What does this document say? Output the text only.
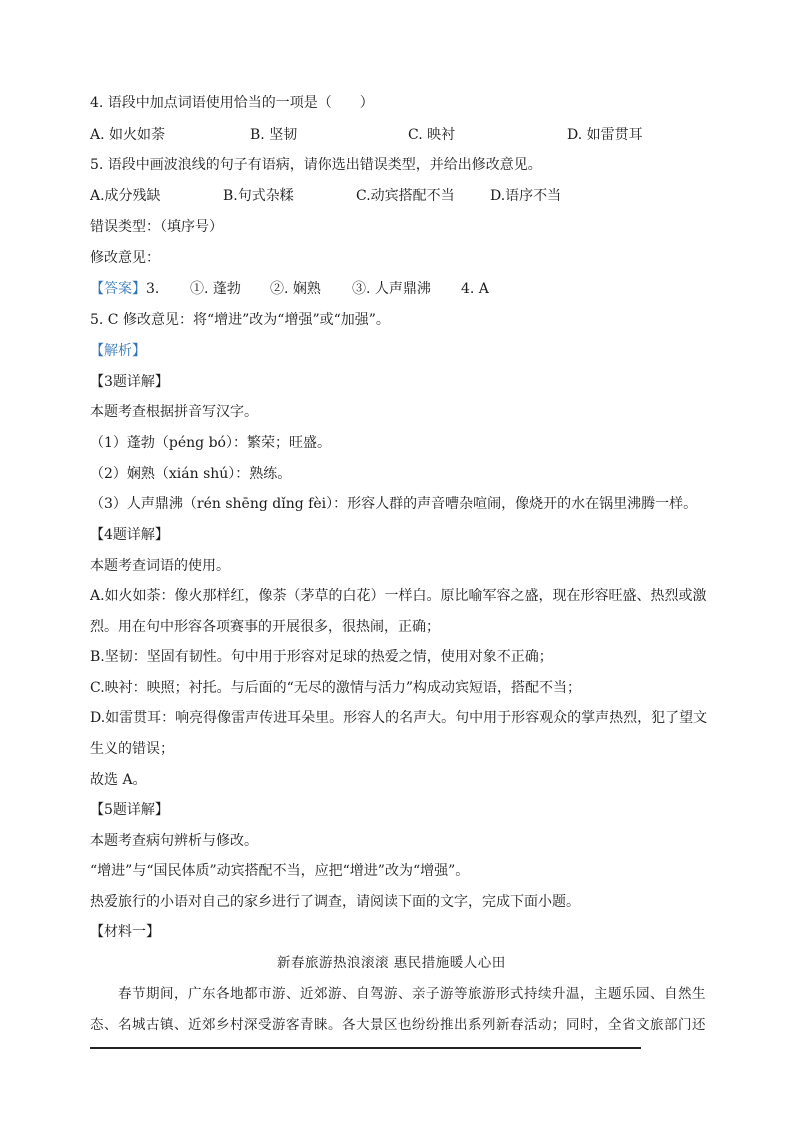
4. 语段中加点词语使用恰当的一项是（　　）
A. 如火如荼	B. 坚韧	C. 映衬	D. 如雷贯耳
5. 语段中画波浪线的句子有语病，请你选出错误类型，并给出修改意见。
A.成分残缺	B.句式杂糅	C.动宾搭配不当	D.语序不当
错误类型：（填序号）
修改意见：
【答案】3. ①. 蓬勃 ②. 娴熟 ③. 人声鼎沸 4. A
5. C 修改意见：将“增进”改为“增强”或“加强”。
【解析】
【3题详解】
本题考查根据拼音写汉字。
（1）蓬勃（péng bó）：繁荣；旺盛。
（2）娴熟（xián shú）：熟练。
（3）人声鼎沸（rén shēng dǐng fèi）：形容人群的声音嘈杂喧闹，像烧开的水在锅里沸腾一样。
【4题详解】
本题考查词语的使用。
A.如火如荼：像火那样红，像荼（茅草的白花）一样白。原比喻军容之盛，现在形容旺盛、热烈或激
烈。用在句中形容各项赛事的开展很多，很热闹，正确；
B.坚韧：坚固有韧性。句中用于形容对足球的热爱之情，使用对象不正确；
C.映衬：映照；衬托。与后面的“无尽的激情与活力”构成动宾短语，搭配不当；
D.如雷贯耳：响亮得像雷声传进耳朵里。形容人的名声大。句中用于形容观众的掌声热烈，犯了望文
生义的错误；
故选 A。
【5题详解】
本题考查病句辨析与修改。
“增进”与“国民体质”动宾搭配不当，应把“增进”改为“增强”。
热爱旅行的小语对自己的家乡进行了调查，请阅读下面的文字，完成下面小题。
【材料一】
新春旅游热浪滚滚 惠民措施暖人心田
春节期间，广东各地都市游、近郊游、自驾游、亲子游等旅游形式持续升温，主题乐园、自然生
态、名城古镇、近郊乡村深受游客青睐。各大景区也纷纷推出系列新春活动；同时，全省文旅部门还
